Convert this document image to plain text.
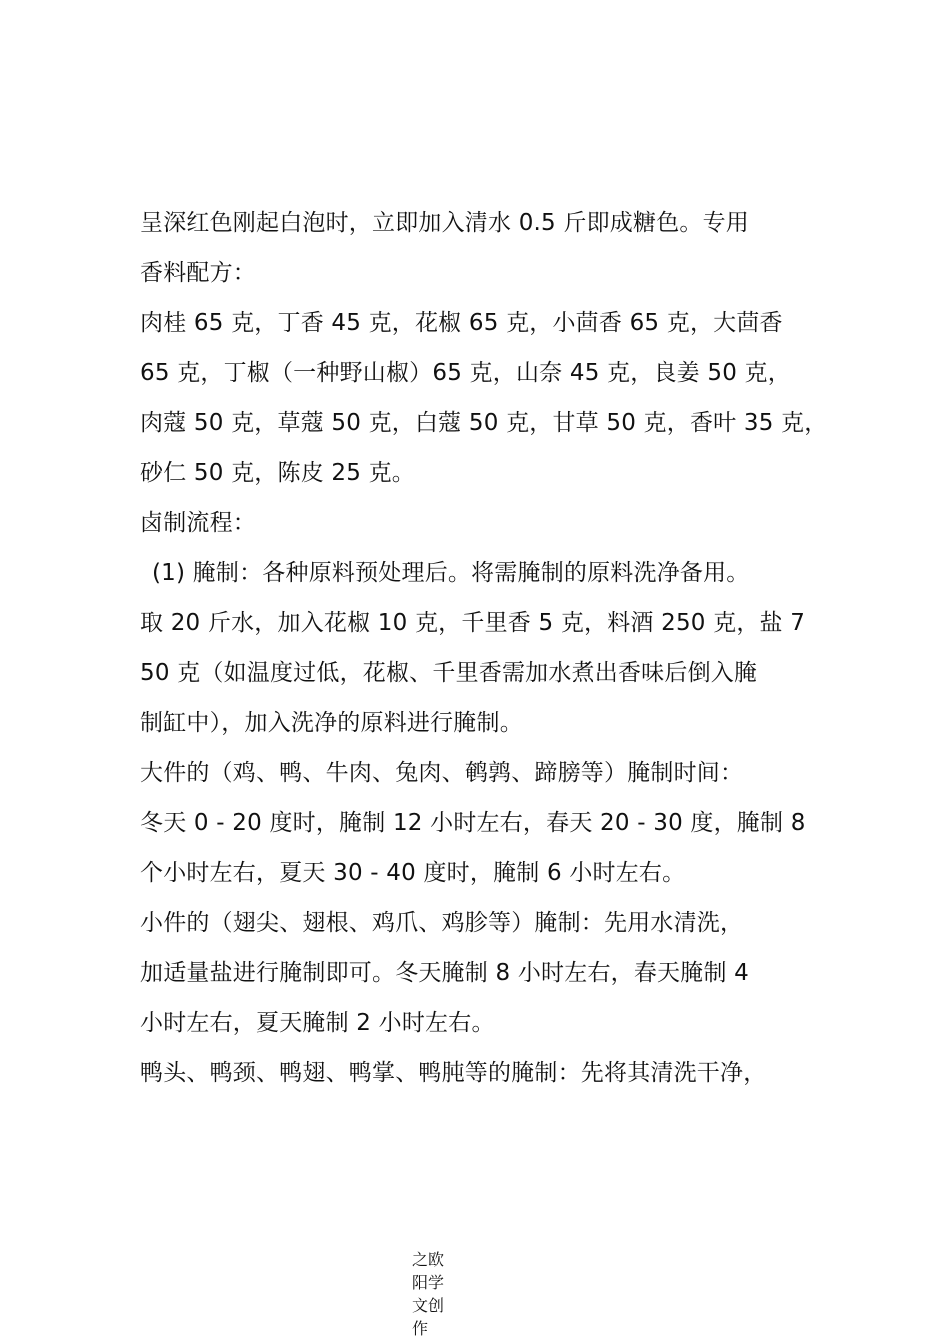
呈深红色刚起白泡时，立即加入清水 0.5 斤即成糖色。专用
香料配方：
肉桂 65 克，丁香 45 克，花椒 65 克，小茴香 65 克，大茴香
65 克，丁椒（一种野山椒）65 克，山奈 45 克，良姜 50 克，
肉蔻 50 克，草蔻 50 克，白蔻 50 克，甘草 50 克，香叶 35 克，
砂仁 50 克，陈皮 25 克。
卤制流程：
(1) 腌制：各种原料预处理后。将需腌制的原料洗净备用。
取 20 斤水，加入花椒 10 克，千里香 5 克，料酒 250 克，盐 7
50 克（如温度过低，花椒、千里香需加水煮出香味后倒入腌
制缸中），加入洗净的原料进行腌制。
大件的（鸡、鸭、牛肉、兔肉、鹌鹑、蹄膀等）腌制时间：
冬天 0 - 20 度时，腌制 12 小时左右，春天 20 - 30 度，腌制 8
个小时左右，夏天 30 - 40 度时，腌制 6 小时左右。
小件的（翅尖、翅根、鸡爪、鸡胗等）腌制：先用水清洗，
加适量盐进行腌制即可。冬天腌制 8 小时左右，春天腌制 4
小时左右，夏天腌制 2 小时左右。
鸭头、鸭颈、鸭翅、鸭掌、鸭肫等的腌制：先将其清洗干净，
之欧阳学文创作
